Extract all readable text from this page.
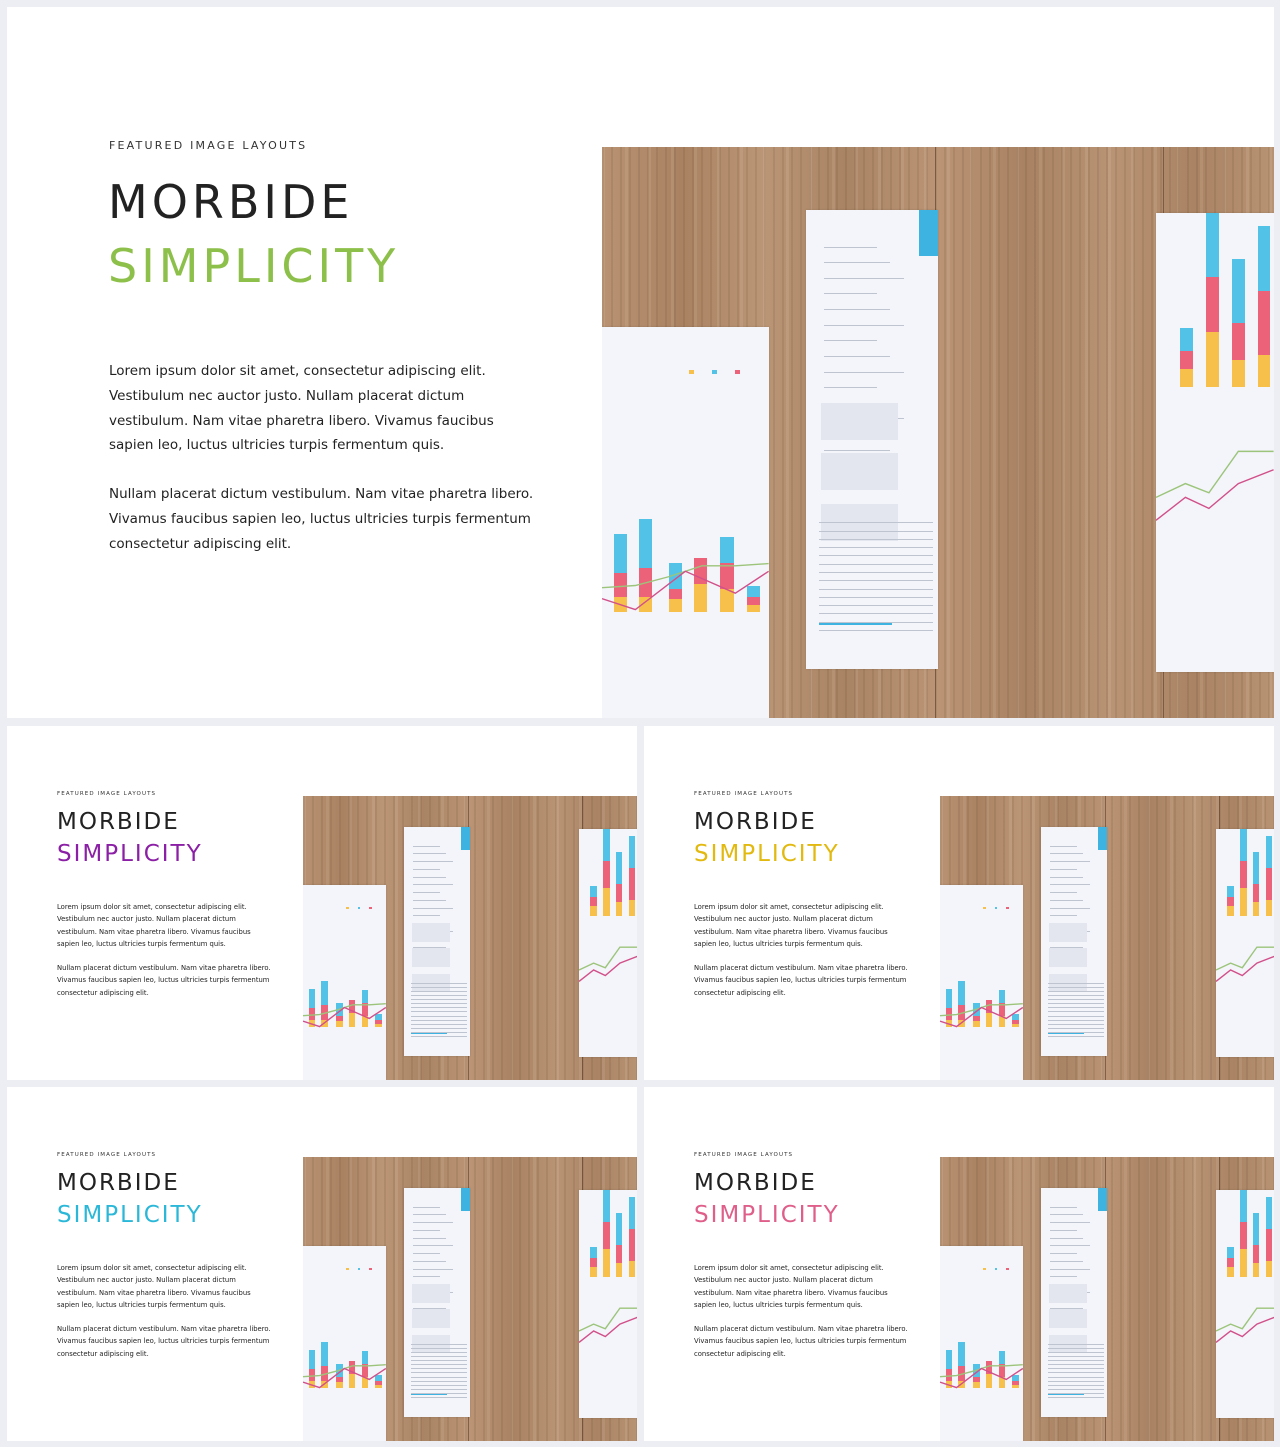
FEATURED IMAGE LAYOUTS
MORBIDE
SIMPLICITY

Lorem ipsum dolor sit amet, consectetur adipiscing elit. Vestibulum nec auctor justo. Nullam placerat dictum vestibulum. Nam vitae pharetra libero. Vivamus faucibus sapien leo, luctus ultricies turpis fermentum quis.

Nullam placerat dictum vestibulum. Nam vitae pharetra libero. Vivamus faucibus sapien leo, luctus ultricies turpis fermentum consectetur adipiscing elit.

FEATURED IMAGE LAYOUTS
MORBIDE
SIMPLICITY

Lorem ipsum dolor sit amet, consectetur adipiscing elit. Vestibulum nec auctor justo. Nullam placerat dictum vestibulum. Nam vitae pharetra libero. Vivamus faucibus sapien leo, luctus ultricies turpis fermentum quis.

Nullam placerat dictum vestibulum. Nam vitae pharetra libero. Vivamus faucibus sapien leo, luctus ultricies turpis fermentum consectetur adipiscing elit.

FEATURED IMAGE LAYOUTS
MORBIDE
SIMPLICITY

Lorem ipsum dolor sit amet, consectetur adipiscing elit. Vestibulum nec auctor justo. Nullam placerat dictum vestibulum. Nam vitae pharetra libero. Vivamus faucibus sapien leo, luctus ultricies turpis fermentum quis.

Nullam placerat dictum vestibulum. Nam vitae pharetra libero. Vivamus faucibus sapien leo, luctus ultricies turpis fermentum consectetur adipiscing elit.

FEATURED IMAGE LAYOUTS
MORBIDE
SIMPLICITY

Lorem ipsum dolor sit amet, consectetur adipiscing elit. Vestibulum nec auctor justo. Nullam placerat dictum vestibulum. Nam vitae pharetra libero. Vivamus faucibus sapien leo, luctus ultricies turpis fermentum quis.

Nullam placerat dictum vestibulum. Nam vitae pharetra libero. Vivamus faucibus sapien leo, luctus ultricies turpis fermentum consectetur adipiscing elit.

FEATURED IMAGE LAYOUTS
MORBIDE
SIMPLICITY

Lorem ipsum dolor sit amet, consectetur adipiscing elit. Vestibulum nec auctor justo. Nullam placerat dictum vestibulum. Nam vitae pharetra libero. Vivamus faucibus sapien leo, luctus ultricies turpis fermentum quis.

Nullam placerat dictum vestibulum. Nam vitae pharetra libero. Vivamus faucibus sapien leo, luctus ultricies turpis fermentum consectetur adipiscing elit.
